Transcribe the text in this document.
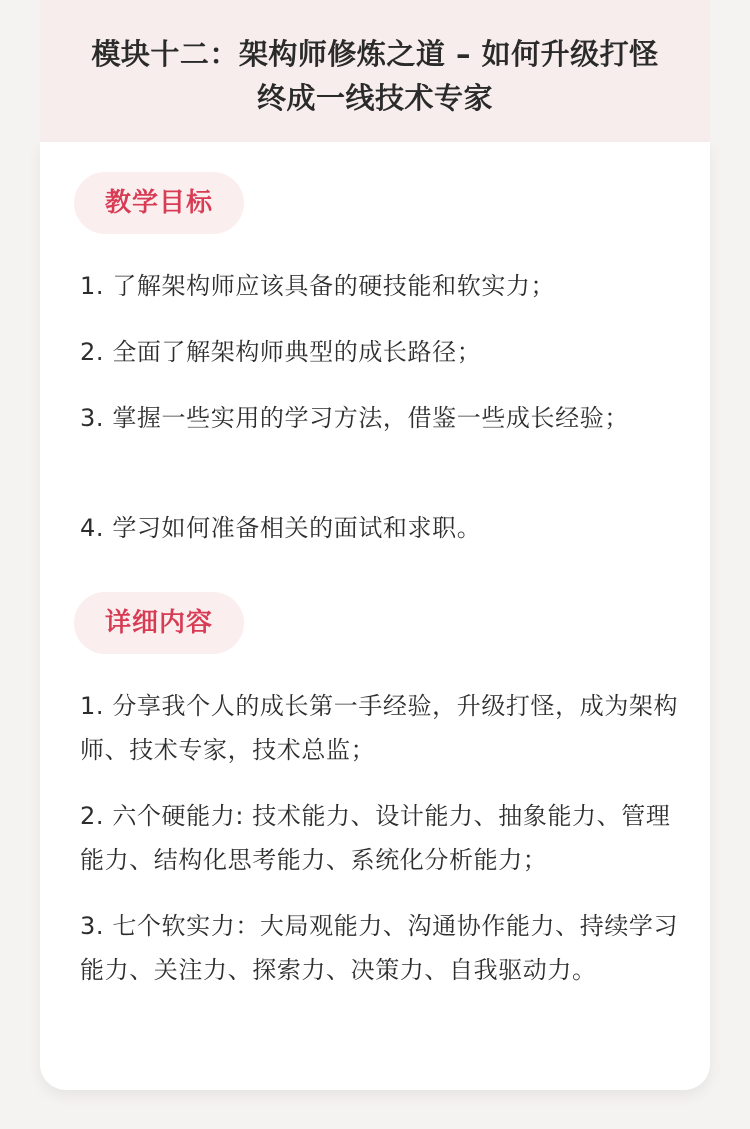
模块十二：架构师修炼之道 – 如何升级打怪
终成一线技术专家
教学目标
1. 了解架构师应该具备的硬技能和软实力；
2. 全面了解架构师典型的成长路径；
3. 掌握一些实用的学习方法，借鉴一些成长经验；
4. 学习如何准备相关的面试和求职。
详细内容
1. 分享我个人的成长第一手经验，升级打怪，成为架构师、技术专家，技术总监；
2. 六个硬能力: 技术能力、设计能力、抽象能力、管理能力、结构化思考能力、系统化分析能力；
3. 七个软实力：大局观能力、沟通协作能力、持续学习能力、关注力、探索力、决策力、自我驱动力。
